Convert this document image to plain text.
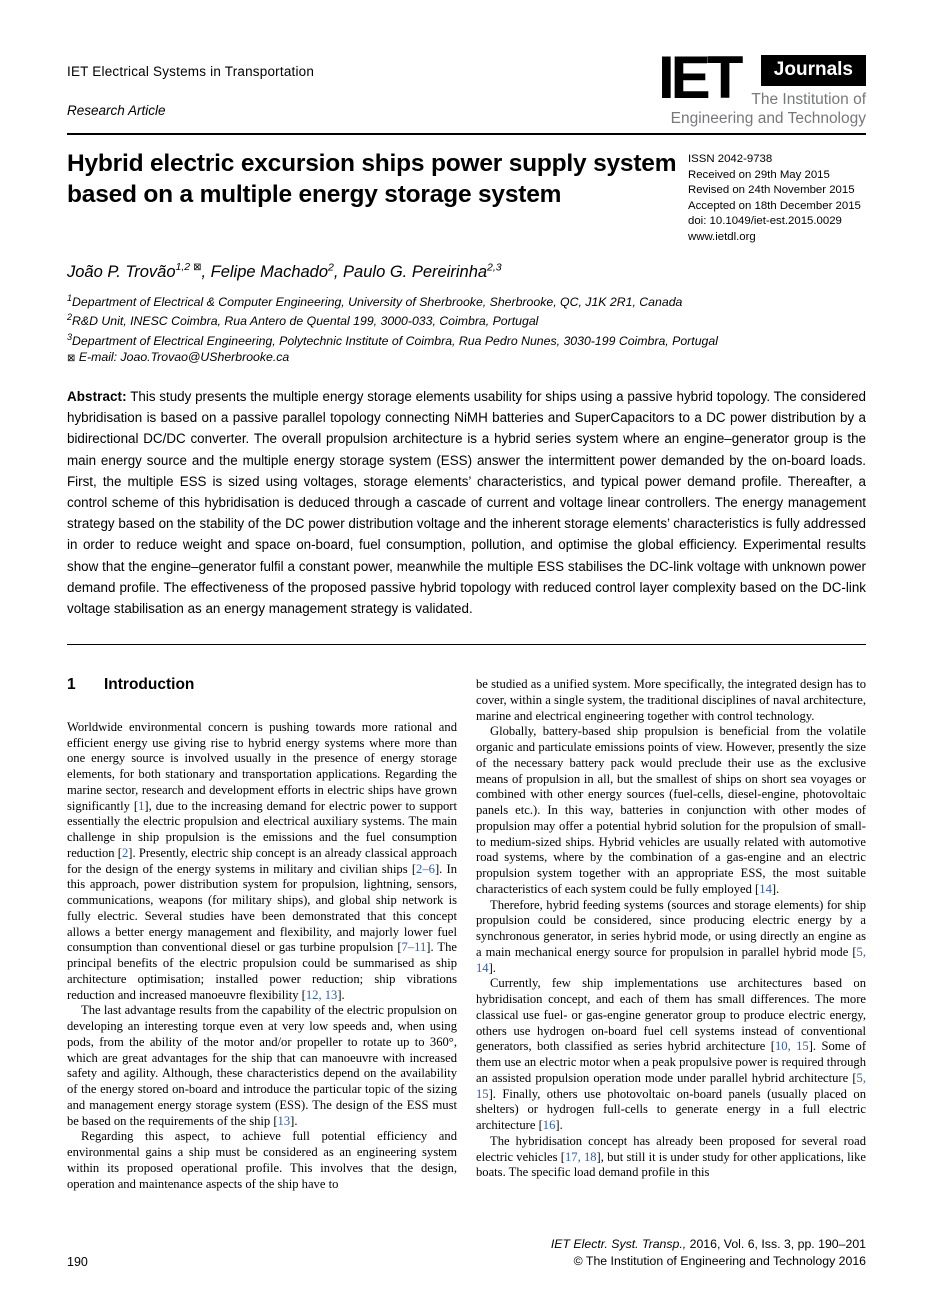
IET Electrical Systems in Transportation
Research Article	IET	Journals
The Institution of
Engineering and Technology
Hybrid electric excursion ships power supply system based on a multiple energy storage system
ISSN 2042-9738
Received on 29th May 2015
Revised on 24th November 2015
Accepted on 18th December 2015
doi: 10.1049/iet-est.2015.0029
www.ietdl.org
João P. Trovão$^{1,2 ⊠}$, Felipe Machado$^2$, Paulo G. Pereirinha$^{2,3}$
$^1$Department of Electrical & Computer Engineering, University of Sherbrooke, Sherbrooke, QC, J1K 2R1, Canada
$^2$R&D Unit, INESC Coimbra, Rua Antero de Quental 199, 3000-033, Coimbra, Portugal
$^3$Department of Electrical Engineering, Polytechnic Institute of Coimbra, Rua Pedro Nunes, 3030-199 Coimbra, Portugal
⊠ E-mail: Joao.Trovao@USherbrooke.ca
Abstract: This study presents the multiple energy storage elements usability for ships using a passive hybrid topology. The considered hybridisation is based on a passive parallel topology connecting NiMH batteries and SuperCapacitors to a DC power distribution by a bidirectional DC/DC converter. The overall propulsion architecture is a hybrid series system where an engine–generator group is the main energy source and the multiple energy storage system (ESS) answer the intermittent power demanded by the on-board loads. First, the multiple ESS is sized using voltages, storage elements’ characteristics, and typical power demand profile. Thereafter, a control scheme of this hybridisation is deduced through a cascade of current and voltage linear controllers. The energy management strategy based on the stability of the DC power distribution voltage and the inherent storage elements’ characteristics is fully addressed in order to reduce weight and space on-board, fuel consumption, pollution, and optimise the global efficiency. Experimental results show that the engine–generator fulfil a constant power, meanwhile the multiple ESS stabilises the DC-link voltage with unknown power demand profile. The effectiveness of the proposed passive hybrid topology with reduced control layer complexity based on the DC-link voltage stabilisation as an energy management strategy is validated.
1	Introduction

Worldwide environmental concern is pushing towards more rational and efficient energy use giving rise to hybrid energy systems where more than one energy source is involved usually in the presence of energy storage elements, for both stationary and transportation applications. Regarding the marine sector, research and development efforts in electric ships have grown significantly [1], due to the increasing demand for electric power to support essentially the electric propulsion and electrical auxiliary systems. The main challenge in ship propulsion is the emissions and the fuel consumption reduction [2]. Presently, electric ship concept is an already classical approach for the design of the energy systems in military and civilian ships [2–6]. In this approach, power distribution system for propulsion, lightning, sensors, communications, weapons (for military ships), and global ship network is fully electric. Several studies have been demonstrated that this concept allows a better energy management and flexibility, and majorly lower fuel consumption than conventional diesel or gas turbine propulsion [7–11]. The principal benefits of the electric propulsion could be summarised as ship architecture optimisation; installed power reduction; ship vibrations reduction and increased manoeuvre flexibility [12, 13].

The last advantage results from the capability of the electric propulsion on developing an interesting torque even at very low speeds and, when using pods, from the ability of the motor and/or propeller to rotate up to 360°, which are great advantages for the ship that can manoeuvre with increased safety and agility. Although, these characteristics depend on the availability of the energy stored on-board and introduce the particular topic of the sizing and management energy storage system (ESS). The design of the ESS must be based on the requirements of the ship [13].

Regarding this aspect, to achieve full potential efficiency and environmental gains a ship must be considered as an engineering system within its proposed operational profile. This involves that the design, operation and maintenance aspects of the ship have to

be studied as a unified system. More specifically, the integrated design has to cover, within a single system, the traditional disciplines of naval architecture, marine and electrical engineering together with control technology.

Globally, battery-based ship propulsion is beneficial from the volatile organic and particulate emissions points of view. However, presently the size of the necessary battery pack would preclude their use as the exclusive means of propulsion in all, but the smallest of ships on short sea voyages or combined with other energy sources (fuel-cells, diesel-engine, photovoltaic panels etc.). In this way, batteries in conjunction with other modes of propulsion may offer a potential hybrid solution for the propulsion of small- to medium-sized ships. Hybrid vehicles are usually related with automotive road systems, where by the combination of a gas-engine and an electric propulsion system together with an appropriate ESS, the most suitable characteristics of each system could be fully employed [14].

Therefore, hybrid feeding systems (sources and storage elements) for ship propulsion could be considered, since producing electric energy by a synchronous generator, in series hybrid mode, or using directly an engine as a main mechanical energy source for propulsion in parallel hybrid mode [5, 14].

Currently, few ship implementations use architectures based on hybridisation concept, and each of them has small differences. The more classical use fuel- or gas-engine generator group to produce electric energy, others use hydrogen on-board fuel cell systems instead of conventional generators, both classified as series hybrid architecture [10, 15]. Some of them use an electric motor when a peak propulsive power is required through an assisted propulsion operation mode under parallel hybrid architecture [5, 15]. Finally, others use photovoltaic on-board panels (usually placed on shelters) or hydrogen full-cells to generate energy in a full electric architecture [16].

The hybridisation concept has already been proposed for several road electric vehicles [17, 18], but still it is under study for other applications, like boats. The specific load demand profile in this

190
IET Electr. Syst. Transp., 2016, Vol. 6, Iss. 3, pp. 190–201
© The Institution of Engineering and Technology 2016
